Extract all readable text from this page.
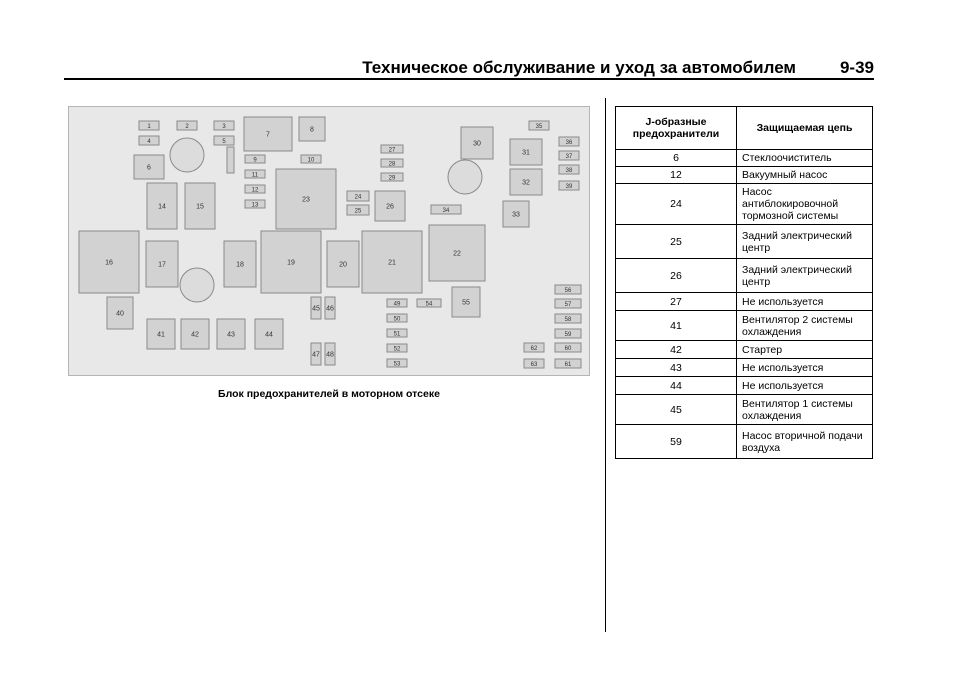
Техническое обслуживание и уход за автомобилем	9-39
1	2	3
4	5
6
7
8
9	10
11
12
13
14	15
16	17	18	19	20	21
22
23	24
25
26
27
28
29
30
31
32
33
34
35
36
37
38
39
40
41	42	43	44
45 46
47 48
49
50
51
52
53
54	55
56
57
58
59
60
61
62
63
Блок предохранителей в моторном отсеке
J-образные предохранители	Защищаемая цепь
6	Стеклоочиститель
12	Вакуумный насос
24	Насос антиблокировочной тормозной системы
25	Задний электрический центр
26	Задний электрический центр
27	Не используется
41	Вентилятор 2 системы охлаждения
42	Стартер
43	Не используется
44	Не используется
45	Вентилятор 1 системы охлаждения
59	Насос вторичной подачи воздуха
